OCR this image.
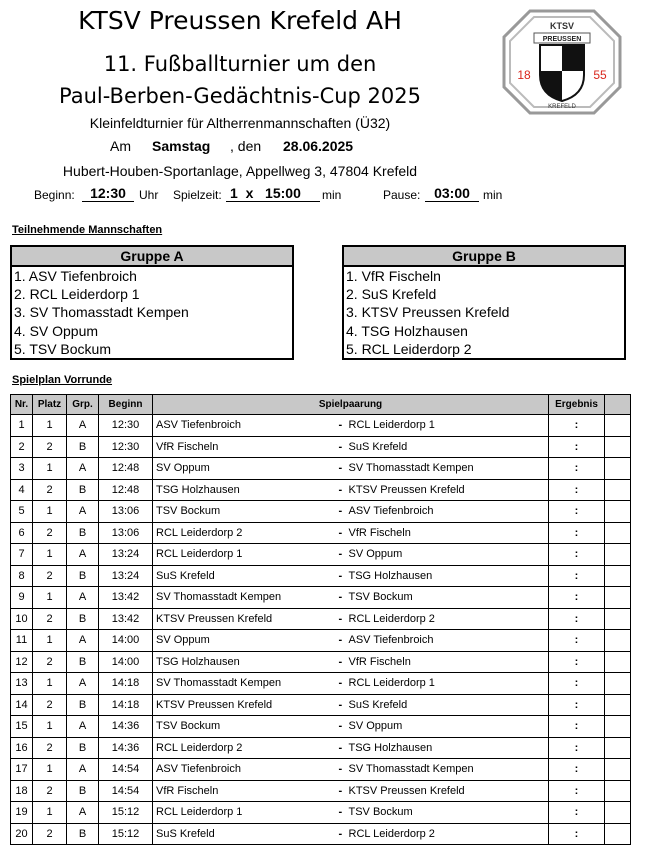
KTSV Preussen Krefeld AH
11. Fußballturnier um den
Paul-Berben-Gedächtnis-Cup 2025
Kleinfeldturnier für Altherrenmannschaften (Ü32)
Am Samstag , den 28.06.2025
Hubert-Houben-Sportanlage, Appellweg 3, 47804 Krefeld
Beginn:	12:30	Uhr Spielzeit: 1 x 15:00	min	Pause: 03:00	min
KTSV
PREUSSEN
18	55
KREFELD
Teilnehmende Mannschaften
Gruppe A
1. ASV Tiefenbroich
2. RCL Leiderdorp 1
3. SV Thomasstadt Kempen
4. SV Oppum
5. TSV Bockum
Gruppe B
1. VfR Fischeln
2. SuS Krefeld
3. KTSV Preussen Krefeld
4. TSG Holzhausen
5. RCL Leiderdorp 2
Spielplan Vorrunde
Nr.	Platz	Grp.	Beginn	Spielpaarung		Ergebnis	
1	1	A	12:30	ASV Tiefenbroich	- RCL Leiderdorp 1	:	
2	2	B	12:30	VfR Fischeln	- SuS Krefeld	:	
3	1	A	12:48	SV Oppum	- SV Thomasstadt Kempen	:	
4	2	B	12:48	TSG Holzhausen	- KTSV Preussen Krefeld	:	
5	1	A	13:06	TSV Bockum	- ASV Tiefenbroich	:	
6	2	B	13:06	RCL Leiderdorp 2	- VfR Fischeln	:	
7	1	A	13:24	RCL Leiderdorp 1	- SV Oppum	:	
8	2	B	13:24	SuS Krefeld	- TSG Holzhausen	:	
9	1	A	13:42	SV Thomasstadt Kempen	- TSV Bockum	:	
10	2	B	13:42	KTSV Preussen Krefeld	- RCL Leiderdorp 2	:	
11	1	A	14:00	SV Oppum	- ASV Tiefenbroich	:	
12	2	B	14:00	TSG Holzhausen	- VfR Fischeln	:	
13	1	A	14:18	SV Thomasstadt Kempen	- RCL Leiderdorp 1	:	
14	2	B	14:18	KTSV Preussen Krefeld	- SuS Krefeld	:	
15	1	A	14:36	TSV Bockum	- SV Oppum	:	
16	2	B	14:36	RCL Leiderdorp 2	- TSG Holzhausen	:	
17	1	A	14:54	ASV Tiefenbroich	- SV Thomasstadt Kempen	:	
18	2	B	14:54	VfR Fischeln	- KTSV Preussen Krefeld	:	
19	1	A	15:12	RCL Leiderdorp 1	- TSV Bockum	:	
20	2	B	15:12	SuS Krefeld	- RCL Leiderdorp 2	:	
